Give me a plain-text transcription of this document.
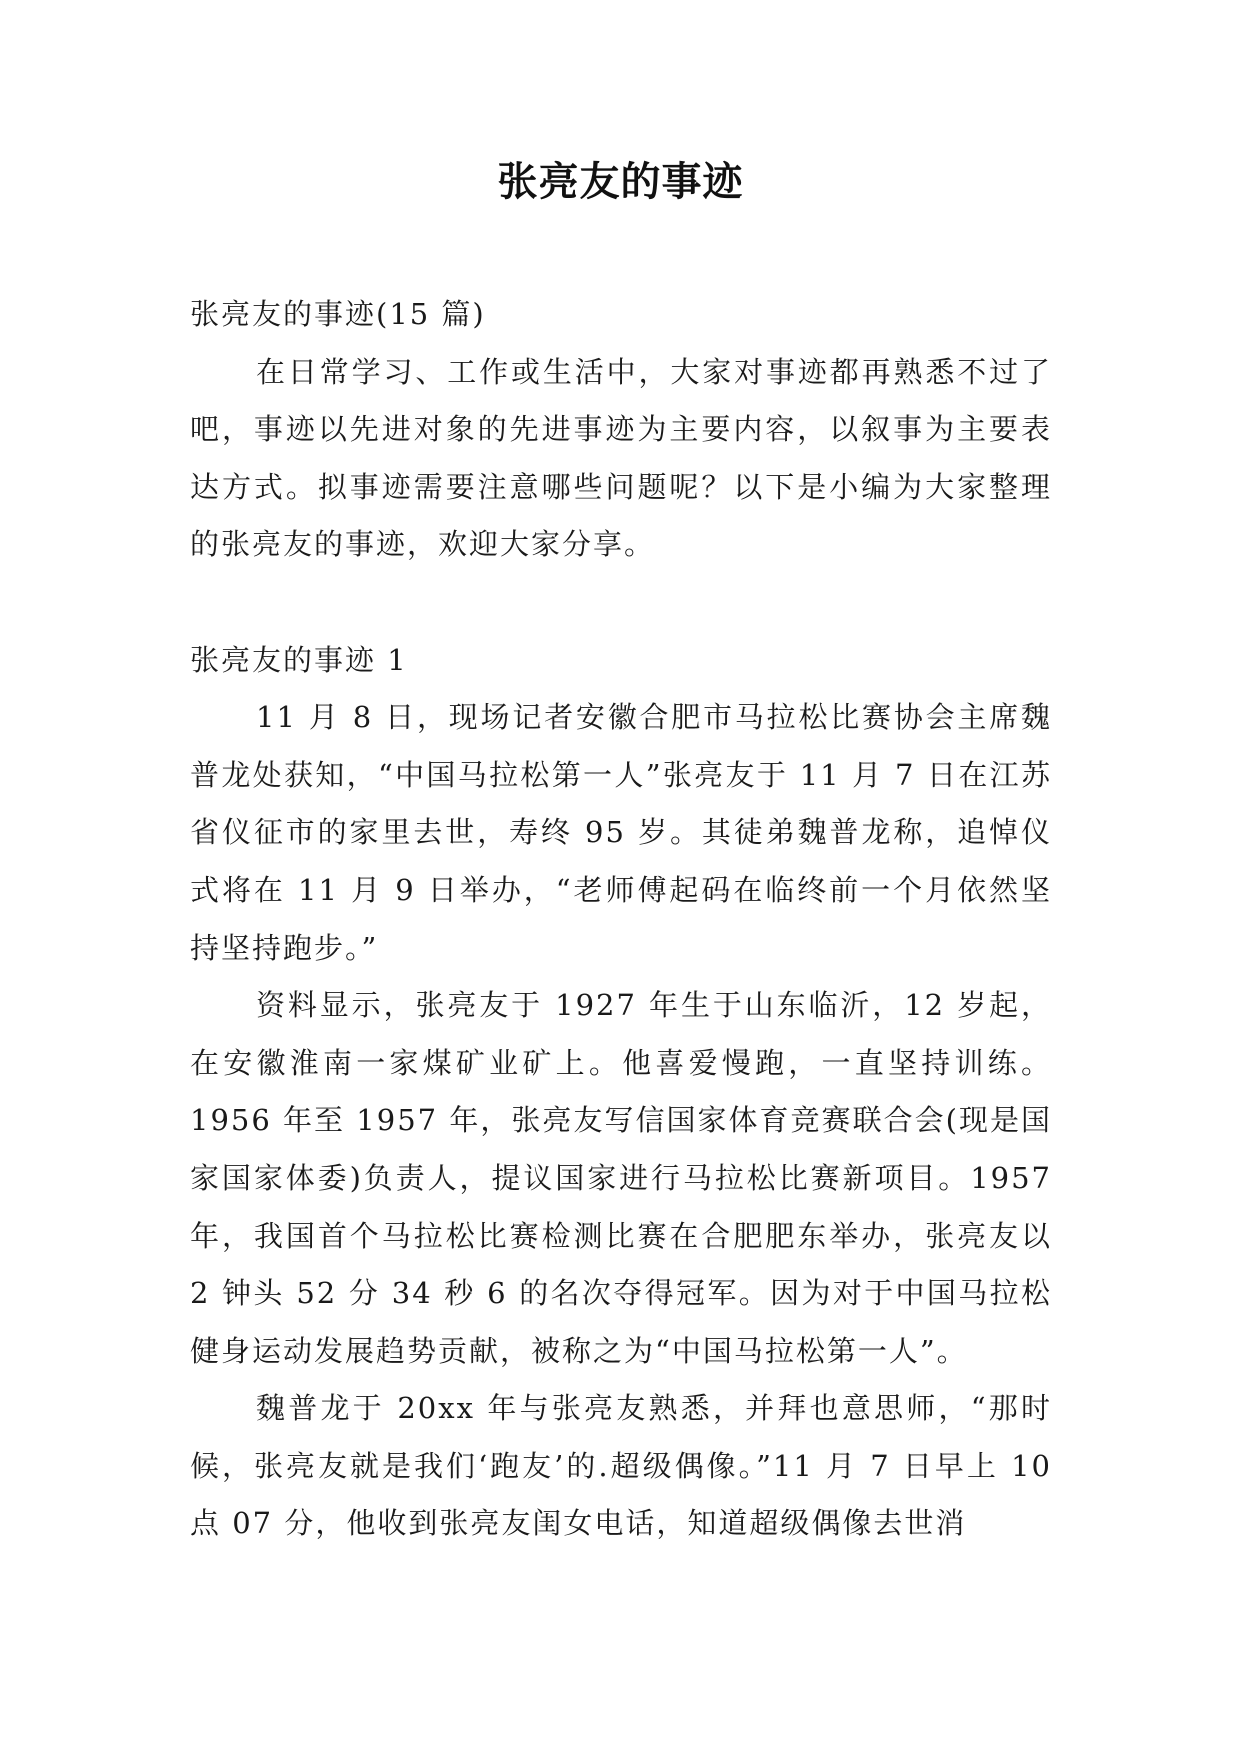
张亮友的事迹

张亮友的事迹(15 篇)

在日常学习、工作或生活中，大家对事迹都再熟悉不过了吧，事迹以先进对象的先进事迹为主要内容，以叙事为主要表达方式。拟事迹需要注意哪些问题呢？以下是小编为大家整理的张亮友的事迹，欢迎大家分享。

张亮友的事迹 1

11 月 8 日，现场记者安徽合肥市马拉松比赛协会主席魏普龙处获知，“中国马拉松第一人”张亮友于 11 月 7 日在江苏省仪征市的家里去世，寿终 95 岁。其徒弟魏普龙称，追悼仪式将在 11 月 9 日举办，“老师傅起码在临终前一个月依然坚持坚持跑步。”

资料显示，张亮友于 1927 年生于山东临沂，12 岁起，在安徽淮南一家煤矿业矿上。他喜爱慢跑，一直坚持训练。1956 年至 1957 年，张亮友写信国家体育竞赛联合会(现是国家国家体委)负责人，提议国家进行马拉松比赛新项目。1957 年，我国首个马拉松比赛检测比赛在合肥肥东举办，张亮友以 2 钟头 52 分 34 秒 6 的名次夺得冠军。因为对于中国马拉松健身运动发展趋势贡献，被称之为“中国马拉松第一人”。

魏普龙于 20xx 年与张亮友熟悉，并拜也意思师，“那时候，张亮友就是我们‘跑友’的.超级偶像。”11 月 7 日早上 10 点 07 分，他收到张亮友闺女电话，知道超级偶像去世消
